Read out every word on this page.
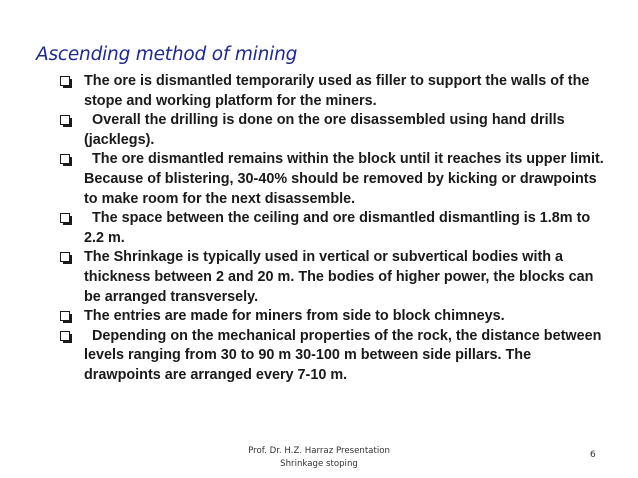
Ascending method of mining
The ore is dismantled temporarily used as filler to support the walls of the stope and working platform for the miners.
Overall the drilling is done on the ore disassembled using hand drills (jacklegs).
The ore dismantled remains within the block until it reaches its upper limit. Because of blistering, 30-40% should be removed by kicking or drawpoints to make room for the next disassemble.
The space between the ceiling and ore dismantled dismantling is 1.8m to 2.2 m.
The Shrinkage is typically used in vertical or subvertical bodies with a thickness between 2 and 20 m. The bodies of higher power, the blocks can be arranged transversely.
The entries are made for miners from side to block chimneys.
Depending on the mechanical properties of the rock, the distance between levels ranging from 30 to 90 m 30-100 m between side pillars. The drawpoints are arranged every 7-10 m.
Prof. Dr. H.Z. Harraz Presentation
Shrinkage stoping
6
